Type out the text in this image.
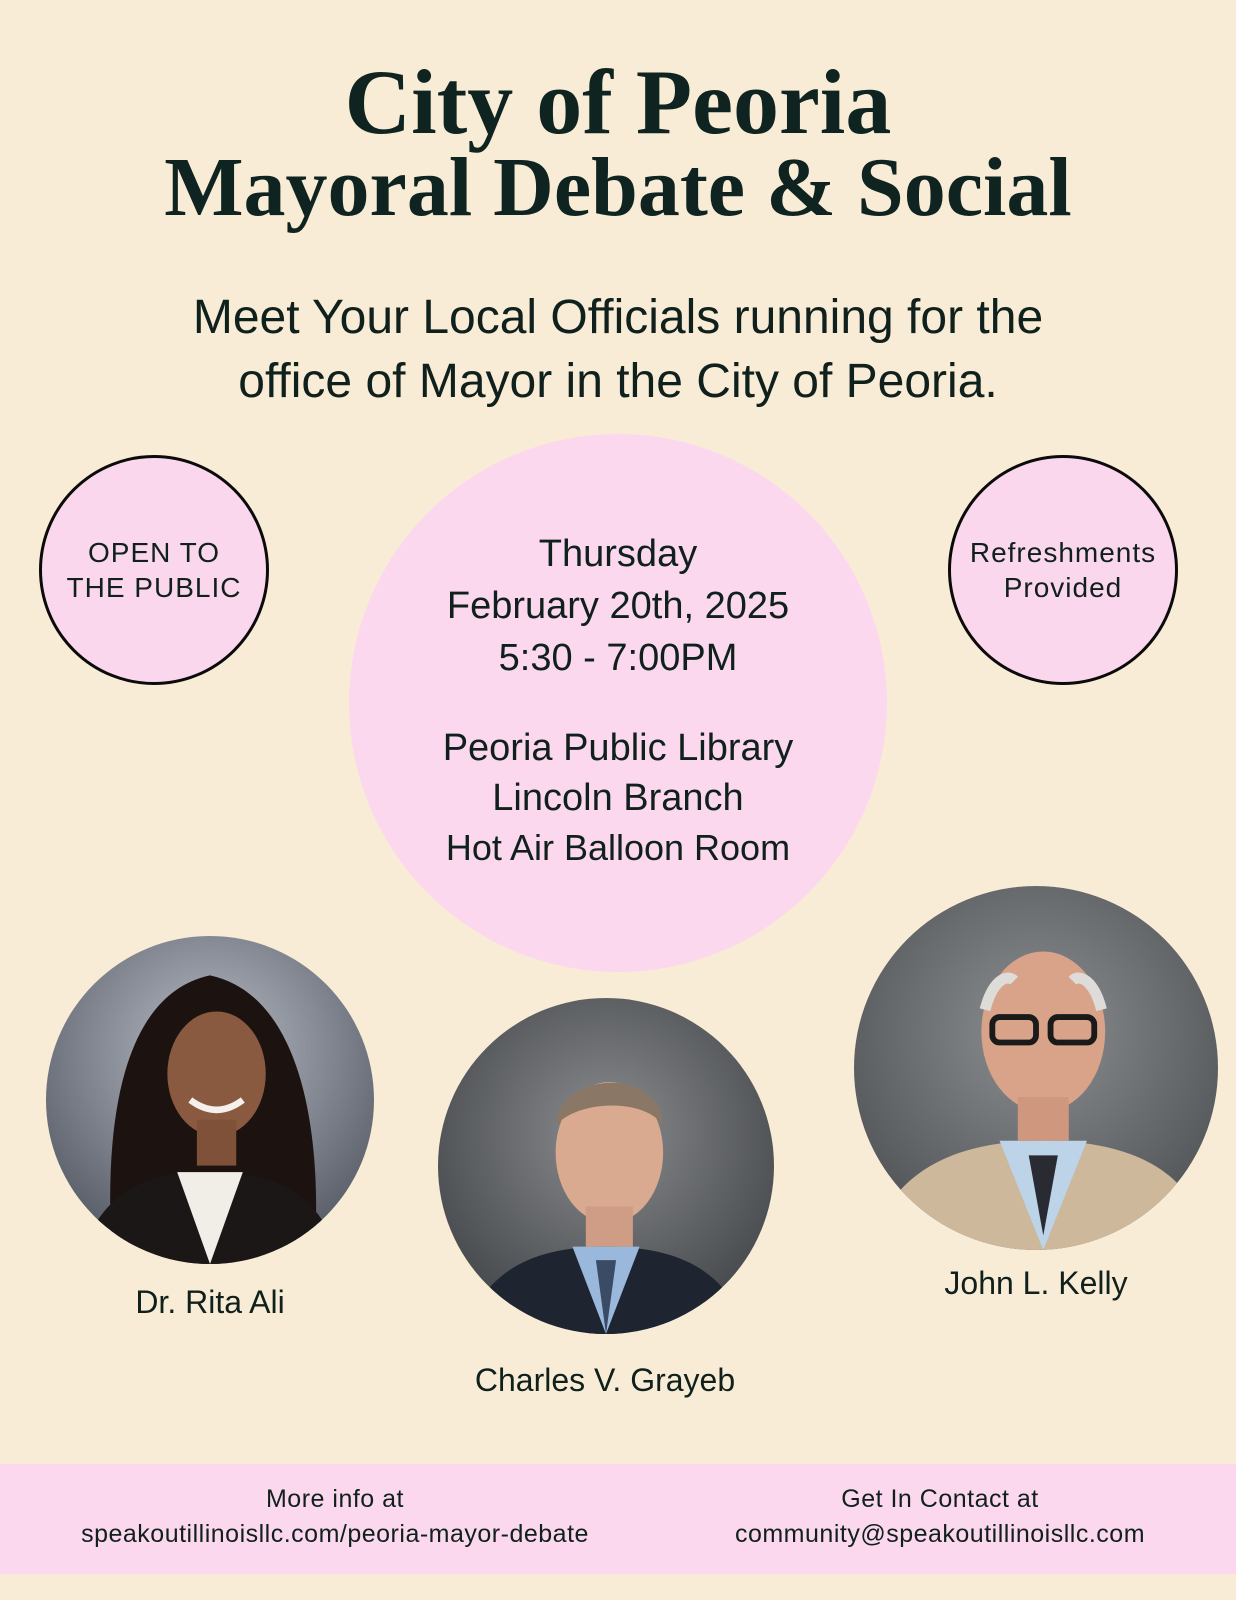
City of Peoria
Mayoral Debate & Social
Meet Your Local Officials running for the
office of Mayor in the City of Peoria.
OPEN TO
THE PUBLIC
Refreshments
Provided
Thursday
February 20th, 2025
5:30 - 7:00PM
Peoria Public Library
Lincoln Branch
Hot Air Balloon Room
Dr. Rita Ali
Charles V. Grayeb
John L. Kelly
More info at
speakoutillinoisllc.com/peoria-mayor-debate
Get In Contact at
community@speakoutillinoisllc.com
